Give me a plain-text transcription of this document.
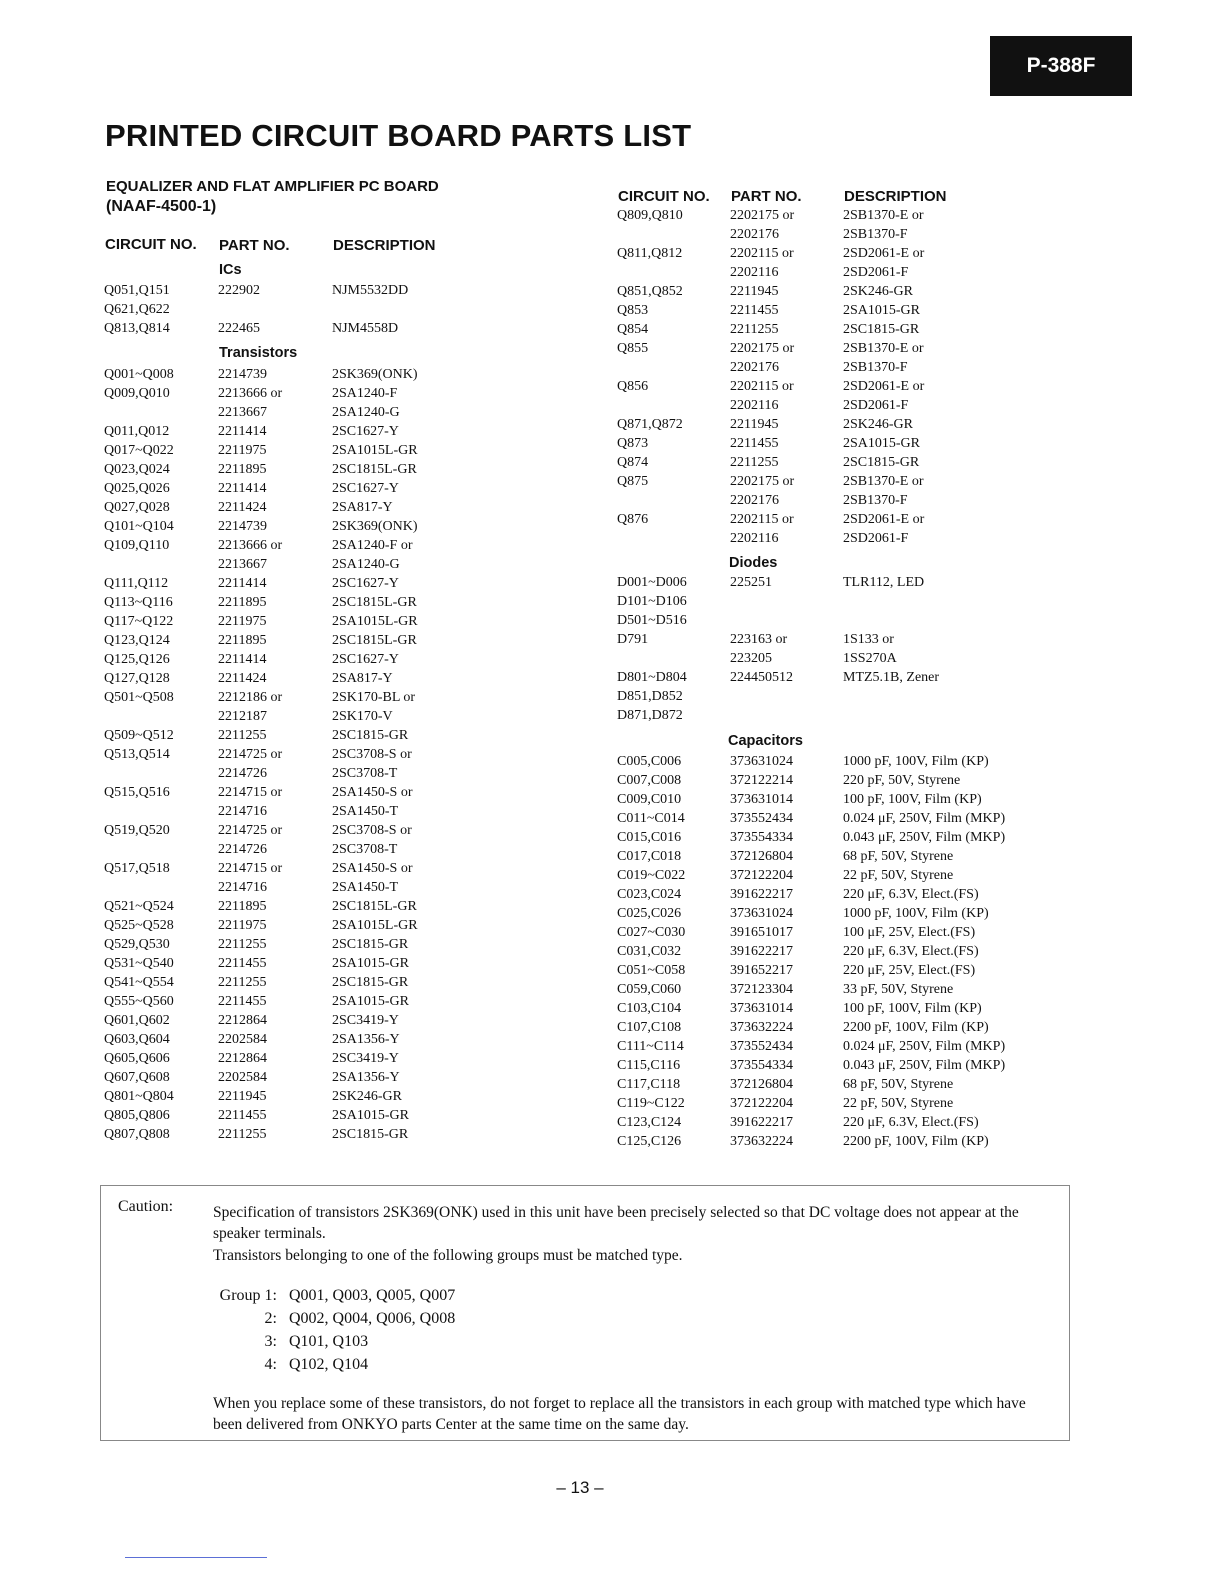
P-388F
PRINTED CIRCUIT BOARD PARTS LIST
EQUALIZER AND FLAT AMPLIFIER PC BOARD
(NAAF-4500-1)
CIRCUIT NO. PART NO.	DESCRIPTION
ICs
Q051,Q151	222902	NJM5532DD
Q621,Q622
Q813,Q814	222465	NJM4558D
Transistors
Q001~Q008	2214739	2SK369(ONK)
Q009,Q010	2213666 or	2SA1240-F
2213667	2SA1240-G
Q011,Q012	2211414	2SC1627-Y
Q017~Q022	2211975	2SA1015L-GR
Q023,Q024	2211895	2SC1815L-GR
Q025,Q026	2211414	2SC1627-Y
Q027,Q028	2211424	2SA817-Y
Q101~Q104	2214739	2SK369(ONK)
Q109,Q110	2213666 or	2SA1240-F or
2213667	2SA1240-G
Q111,Q112	2211414	2SC1627-Y
Q113~Q116	2211895	2SC1815L-GR
Q117~Q122	2211975	2SA1015L-GR
Q123,Q124	2211895	2SC1815L-GR
Q125,Q126	2211414	2SC1627-Y
Q127,Q128	2211424	2SA817-Y
Q501~Q508	2212186 or	2SK170-BL or
2212187	2SK170-V
Q509~Q512	2211255	2SC1815-GR
Q513,Q514	2214725 or	2SC3708-S or
2214726	2SC3708-T
Q515,Q516	2214715 or	2SA1450-S or
2214716	2SA1450-T
Q519,Q520	2214725 or	2SC3708-S or
2214726	2SC3708-T
Q517,Q518	2214715 or	2SA1450-S or
2214716	2SA1450-T
Q521~Q524	2211895	2SC1815L-GR
Q525~Q528	2211975	2SA1015L-GR
Q529,Q530	2211255	2SC1815-GR
Q531~Q540	2211455	2SA1015-GR
Q541~Q554	2211255	2SC1815-GR
Q555~Q560	2211455	2SA1015-GR
Q601,Q602	2212864	2SC3419-Y
Q603,Q604	2202584	2SA1356-Y
Q605,Q606	2212864	2SC3419-Y
Q607,Q608	2202584	2SA1356-Y
Q801~Q804	2211945	2SK246-GR
Q805,Q806	2211455	2SA1015-GR
Q807,Q808	2211255	2SC1815-GR
CIRCUIT NO. PART NO.	DESCRIPTION
Q809,Q810	2202175 or	2SB1370-E or
2202176	2SB1370-F
Q811,Q812	2202115 or	2SD2061-E or
2202116	2SD2061-F
Q851,Q852	2211945	2SK246-GR
Q853	2211455	2SA1015-GR
Q854	2211255	2SC1815-GR
Q855	2202175 or	2SB1370-E or
2202176	2SB1370-F
Q856	2202115 or	2SD2061-E or
2202116	2SD2061-F
Q871,Q872	2211945	2SK246-GR
Q873	2211455	2SA1015-GR
Q874	2211255	2SC1815-GR
Q875	2202175 or	2SB1370-E or
2202176	2SB1370-F
Q876	2202115 or	2SD2061-E or
2202116	2SD2061-F
Diodes
D001~D006	225251	TLR112, LED
D101~D106
D501~D516
D791	223163 or	1S133 or
223205	1SS270A
D801~D804	224450512	MTZ5.1B, Zener
D851,D852
D871,D872
Capacitors
C005,C006	373631024	1000 pF, 100V, Film (KP)
C007,C008	372122214	220 pF, 50V, Styrene
C009,C010	373631014	100 pF, 100V, Film (KP)
C011~C014	373552434	0.024 μF, 250V, Film (MKP)
C015,C016	373554334	0.043 μF, 250V, Film (MKP)
C017,C018	372126804	68 pF, 50V, Styrene
C019~C022	372122204	22 pF, 50V, Styrene
C023,C024	391622217	220 μF, 6.3V, Elect.(FS)
C025,C026	373631024	1000 pF, 100V, Film (KP)
C027~C030	391651017	100 μF, 25V, Elect.(FS)
C031,C032	391622217	220 μF, 6.3V, Elect.(FS)
C051~C058	391652217	220 μF, 25V, Elect.(FS)
C059,C060	372123304	33 pF, 50V, Styrene
C103,C104	373631014	100 pF, 100V, Film (KP)
C107,C108	373632224	2200 pF, 100V, Film (KP)
C111~C114	373552434	0.024 μF, 250V, Film (MKP)
C115,C116	373554334	0.043 μF, 250V, Film (MKP)
C117,C118	372126804	68 pF, 50V, Styrene
C119~C122	372122204	22 pF, 50V, Styrene
C123,C124	391622217	220 μF, 6.3V, Elect.(FS)
C125,C126	373632224	2200 pF, 100V, Film (KP)
Caution:	Specification of transistors 2SK369(ONK) used in this unit have been precisely selected so that DC voltage does not appear at the speaker terminals.
Transistors belonging to one of the following groups must be matched type.
Group 1: Q001, Q003, Q005, Q007
2: Q002, Q004, Q006, Q008
3: Q101, Q103
4: Q102, Q104
When you replace some of these transistors, do not forget to replace all the transistors in each group with matched type which have been delivered from ONKYO parts Center at the same time on the same day.
– 13 –
